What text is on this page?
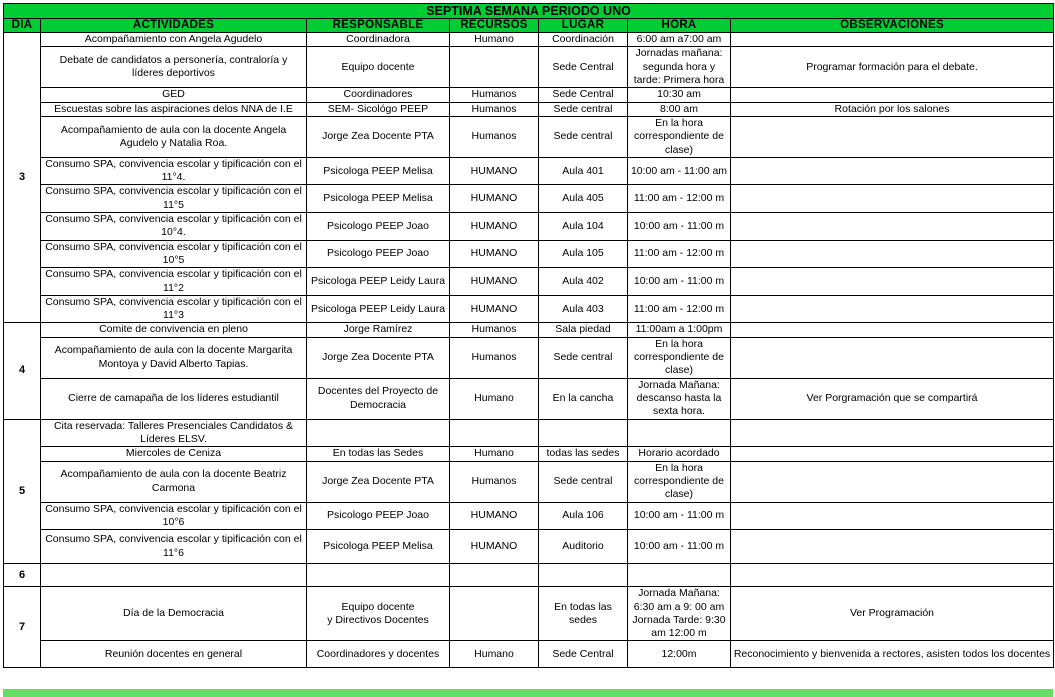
SEPTIMA SEMANA PERIODO UNO						
DIA	ACTIVIDADES	RESPONSABLE	RECURSOS	LUGAR	HORA	OBSERVACIONES
3	Acompañamiento con Angela Agudelo	Coordinadora	Humano	Coordinación	6:00 am a7:00 am	
	Debate de candidatos a personería, contraloría y líderes deportivos	Equipo docente		Sede Central	Jornadas mañana: segunda hora y tarde: Primera hora	Programar formación para el debate.
	GED	Coordinadores	Humanos	Sede Central	10:30 am	
	Escuestas sobre las aspiraciones delos NNA de I.E	SEM- Sicológo PEEP	Humanos	Sede central	8:00 am	Rotación por los salones
	Acompañamiento de aula con la docente Angela Agudelo y Natalia Roa.	Jorge Zea Docente PTA	Humanos	Sede central	En la hora correspondiente de clase)	
	Consumo SPA, convivencia escolar y tipificación con el 11°4.	Psicologa PEEP Melisa	HUMANO	Aula 401	10:00 am - 11:00 am	
	Consumo SPA, convivencia escolar y tipificación con el 11°5	Psicologa PEEP Melisa	HUMANO	Aula 405	11:00 am - 12:00 m	
	Consumo SPA, convivencia escolar y tipificación con el 10°4.	Psicologo PEEP Joao	HUMANO	Aula 104	10:00 am - 11:00 m	
	Consumo SPA, convivencia escolar y tipificación con el 10°5	Psicologo PEEP Joao	HUMANO	Aula 105	11:00 am - 12:00 m	
	Consumo SPA, convivencia escolar y tipificación con el 11°2	Psicologa PEEP Leidy Laura	HUMANO	Aula 402	10:00 am - 11:00 m	
	Consumo SPA, convivencia escolar y tipificación con el 11°3	Psicologa PEEP Leidy Laura	HUMANO	Aula 403	11:00 am - 12:00 m	
4	Comite de convivencia en pleno	Jorge Ramírez	Humanos	Sala piedad	11:00am a 1:00pm	
	Acompañamiento de aula con la docente Margarita Montoya y David Alberto Tapias.	Jorge Zea Docente PTA	Humanos	Sede central	En la hora correspondiente de clase)	
	Cierre de camapaña de los líderes estudiantil	Docentes del Proyecto de Democracia	Humano	En la cancha	Jornada Mañana: descanso hasta la sexta hora.	Ver Porgramación que se compartirá
5	Cita reservada: Talleres Presenciales Candidatos & Líderes ELSV.					
	Miercoles de Ceniza	En todas las Sedes	Humano	todas las sedes	Horario acordado	
	Acompañamiento de aula con la docente Beatriz Carmona	Jorge Zea Docente PTA	Humanos	Sede central	En la hora correspondiente de clase)	
	Consumo SPA, convivencia escolar y tipificación con el 10°6	Psicologo PEEP Joao	HUMANO	Aula 106	10:00 am - 11:00 m	
	Consumo SPA, convivencia escolar y tipificación con el 11°6	Psicologa PEEP Melisa	HUMANO	Auditorio	10:00 am - 11:00 m	
6						
7	Día de la Democracia	Equipo docente
y Directivos Docentes		En todas las sedes	Jornada Mañana: 6:30 am a 9: 00 am Jornada Tarde: 9:30 am 12:00 m	Ver Programación
	Reunión docentes en general	Coordinadores y docentes	Humano	Sede Central	12:00m	Reconocimiento y bienvenida a rectores, asisten todos los docentes
